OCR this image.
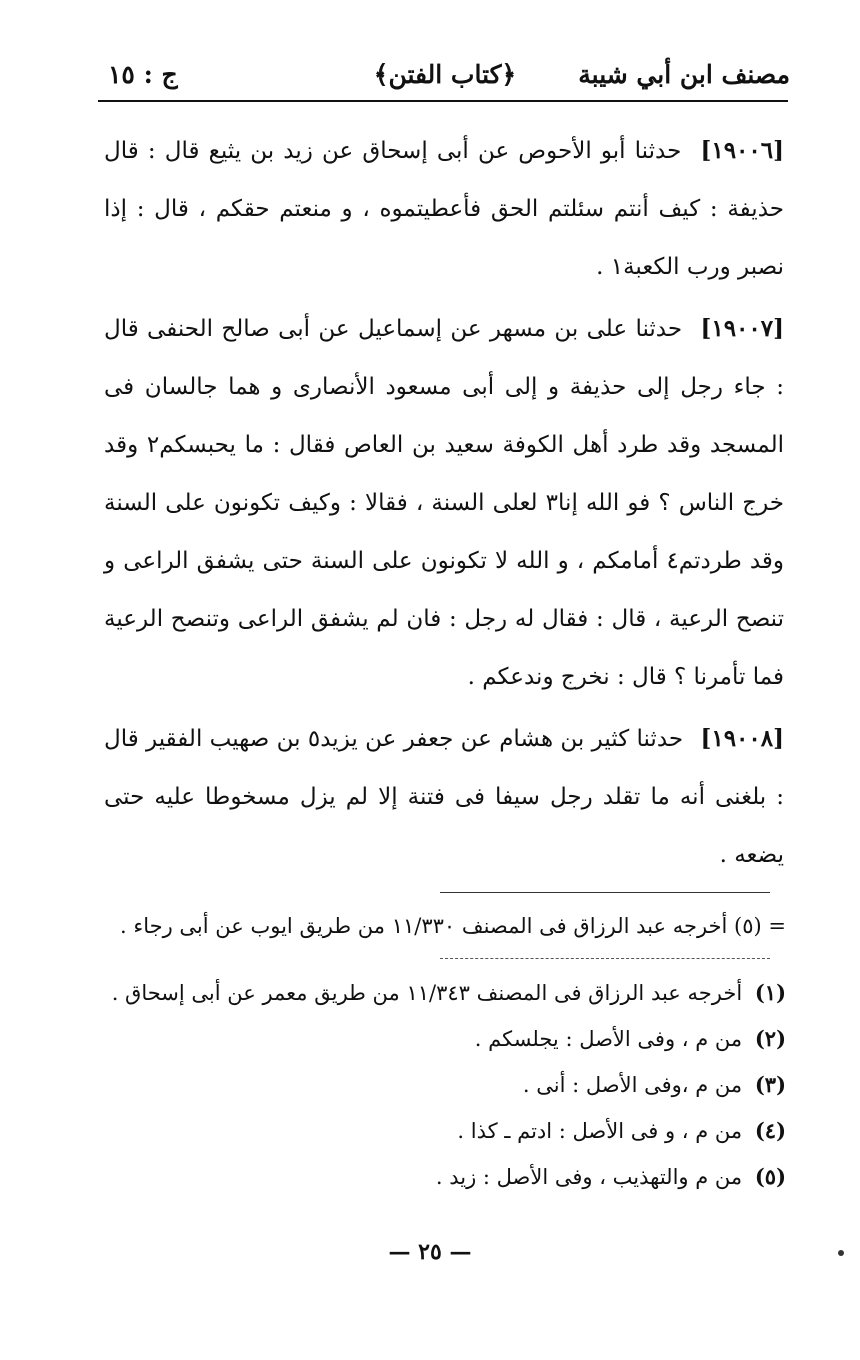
ج : ١٥	﴿كتاب الفتن﴾	مصنف ابن أبي شيبة

[١٩٠٠٦] حدثنا أبو الأحوص عن أبى إسحاق عن زيد بن يثيع قال : قال حذيفة : كيف أنتم سئلتم الحق فأعطيتموه ، و منعتم حقكم ، قال : إذا نصبر ورب الكعبة١ .

[١٩٠٠٧] حدثنا على بن مسهر عن إسماعيل عن أبى صالح الحنفى قال : جاء رجل إلى حذيفة و إلى أبى مسعود الأنصارى و هما جالسان فى المسجد وقد طرد أهل الكوفة سعيد بن العاص فقال : ما يحبسكم٢ وقد خرج الناس ؟ فو الله إنا٣ لعلى السنة ، فقالا : وكيف تكونون على السنة وقد طردتم٤ أمامكم ، و الله لا تكونون على السنة حتى يشفق الراعى و تنصح الرعية ، قال : فقال له رجل : فان لم يشفق الراعى وتنصح الرعية فما تأمرنا ؟ قال : نخرج وندعكم .

[١٩٠٠٨] حدثنا كثير بن هشام عن جعفر عن يزيد٥ بن صهيب الفقير قال : بلغنى أنه ما تقلد رجل سيفا فى فتنة إلا لم يزل مسخوطا عليه حتى يضعه .

= (٥) أخرجه عبد الرزاق فى المصنف ١١/٣٣٠ من طريق ايوب عن أبى رجاء .

(١) أخرجه عبد الرزاق فى المصنف ١١/٣٤٣ من طريق معمر عن أبى إسحاق .

(٢) من م ، وفى الأصل : يجلسكم .

(٣) من م ،وفى الأصل : أنى .

(٤) من م ، و فى الأصل : ادتم ـ كذا .

(٥) من م والتهذيب ، وفى الأصل : زيد .

— ٢٥ —
